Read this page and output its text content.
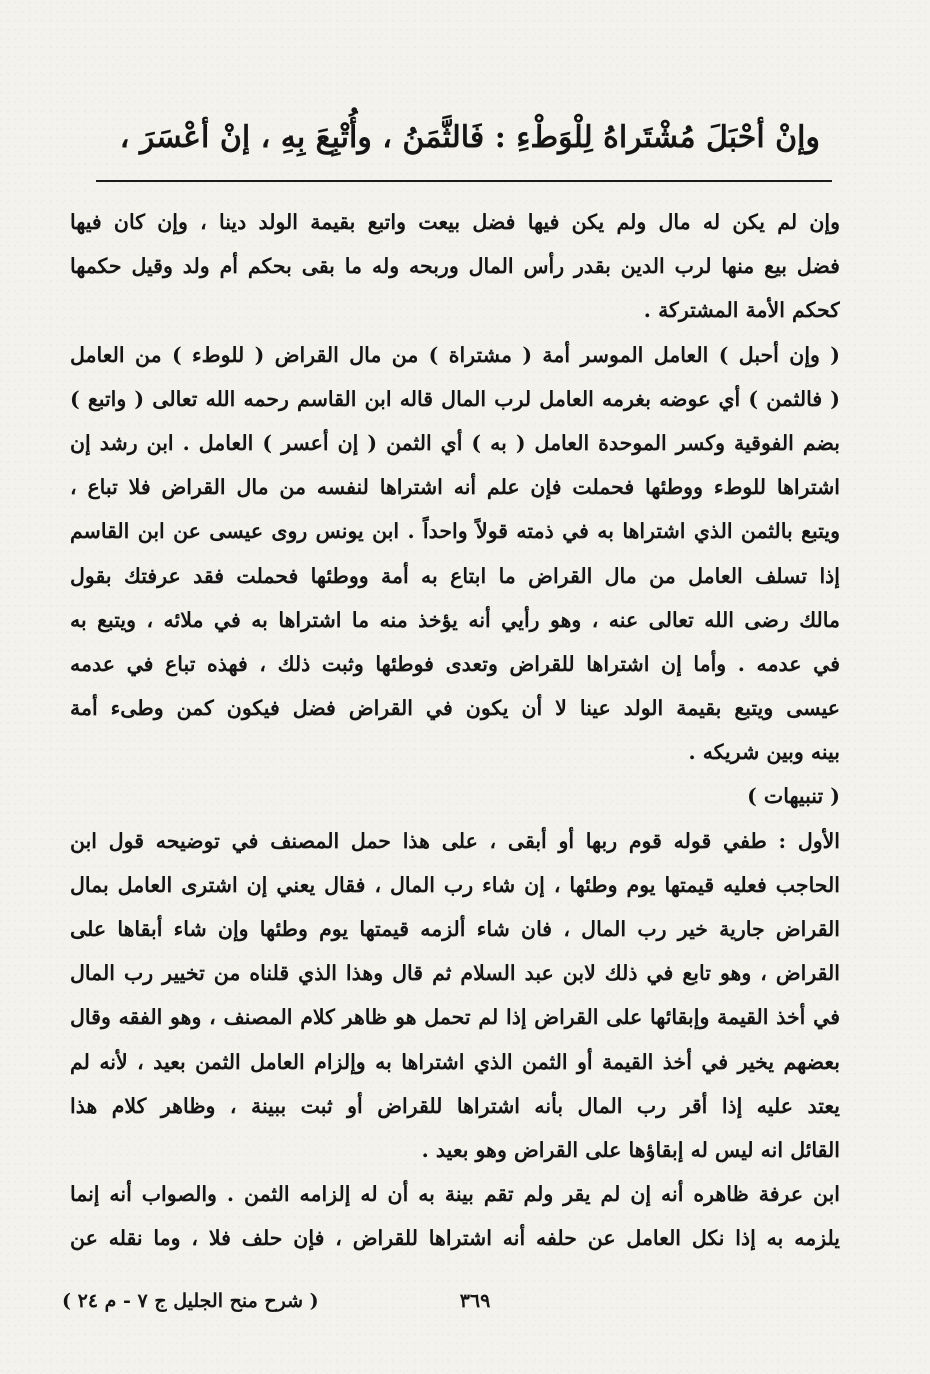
وإنْ أحْبَلَ مُشْتَراهُ لِلْوَطْءِ : فَالثَّمَنُ ، وأُتْبِعَ بِهِ ، إنْ أعْسَرَ ،
وإن لم يكن له مال ولم يكن فيها فضل بيعت واتبع بقيمة الولد دينا ، وإن كان فيها
فضل بيع منها لرب الدين بقدر رأس المال وربحه وله ما بقى بحكم أم ولد وقيل حكمها
كحكم الأمة المشتركة .
( وإن أحبل ) العامل الموسر أمة ( مشتراة ) من مال القراض ( للوطء ) من العامل
( فالثمن ) أي عوضه بغرمه العامل لرب المال قاله ابن القاسم رحمه الله تعالى ( واتبع )
بضم الفوقية وكسر الموحدة العامل ( به ) أي الثمن ( إن أعسر ) العامل . ابن رشد إن
اشتراها للوطء ووطئها فحملت فإن علم أنه اشتراها لنفسه من مال القراض فلا تباع ،
ويتبع بالثمن الذي اشتراها به في ذمته قولاً واحداً . ابن يونس روى عيسى عن ابن القاسم
إذا تسلف العامل من مال القراض ما ابتاع به أمة ووطئها فحملت فقد عرفتك بقول
مالك رضى الله تعالى عنه ، وهو رأيي أنه يؤخذ منه ما اشتراها به في ملائه ، ويتبع به
في عدمه . وأما إن اشتراها للقراض وتعدى فوطئها وثبت ذلك ، فهذه تباع في عدمه
عيسى ويتبع بقيمة الولد عينا لا أن يكون في القراض فضل فيكون كمن وطىء أمة
بينه وبين شريكه .
( تنبيهات )
الأول : طفي قوله قوم ربها أو أبقى ، على هذا حمل المصنف في توضيحه قول ابن
الحاجب فعليه قيمتها يوم وطئها ، إن شاء رب المال ، فقال يعني إن اشترى العامل بمال
القراض جارية خير رب المال ، فان شاء ألزمه قيمتها يوم وطئها وإن شاء أبقاها على
القراض ، وهو تابع في ذلك لابن عبد السلام ثم قال وهذا الذي قلناه من تخيير رب المال
في أخذ القيمة وإبقائها على القراض إذا لم تحمل هو ظاهر كلام المصنف ، وهو الفقه وقال
بعضهم يخير في أخذ القيمة أو الثمن الذي اشتراها به وإلزام العامل الثمن بعيد ، لأنه لم
يعتد عليه إذا أقر رب المال بأنه اشتراها للقراض أو ثبت ببينة ، وظاهر كلام هذا
القائل انه ليس له إبقاؤها على القراض وهو بعيد .
ابن عرفة ظاهره أنه إن لم يقر ولم تقم بينة به أن له إلزامه الثمن . والصواب أنه إنما
يلزمه به إذا نكل العامل عن حلفه أنه اشتراها للقراض ، فإن حلف فلا ، وما نقله عن
٣٦٩
( شرح منح الجليل ج ٧ - م ٢٤ )
